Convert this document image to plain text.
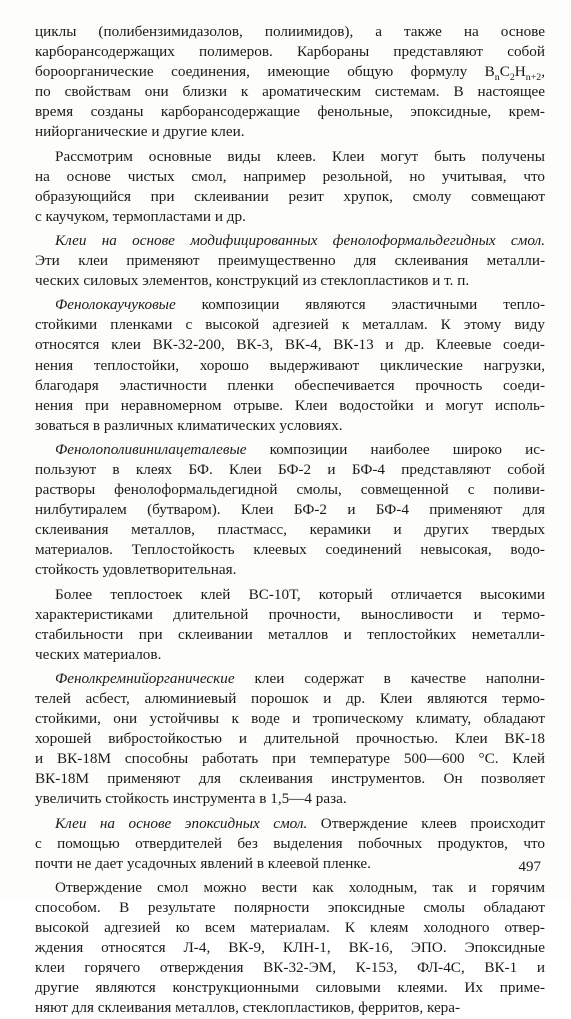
циклы (полибензимидазолов, полиимидов), а также на основе
карборансодержащих полимеров. Карбораны представляют собой
бороорганические соединения, имеющие общую формулу $B_nC_2H_{n+2}$,
по свойствам они близки к ароматическим системам. В настоящее
время созданы карборансодержащие фенольные, эпоксидные, крем-
нийорганические и другие клеи.
Рассмотрим основные виды клеев. Клеи могут быть получены
на основе чистых смол, например резольной, но учитывая, что
образующийся при склеивании резит хрупок, смолу совмещают
с каучуком, термопластами и др.
Клеи на основе модифицированных фенолоформальдегидных смол.
Эти клеи применяют преимущественно для склеивания металли-
ческих силовых элементов, конструкций из стеклопластиков и т. п.
Фенолокаучуковые композиции являются эластичными тепло-
стойкими пленками с высокой адгезией к металлам. К этому виду
относятся клеи ВК-32-200, ВК-3, ВК-4, ВК-13 и др. Клеевые соеди-
нения теплостойки, хорошо выдерживают циклические нагрузки,
благодаря эластичности пленки обеспечивается прочность соеди-
нения при неравномерном отрыве. Клеи водостойки и могут исполь-
зоваться в различных климатических условиях.
Фенолополивинилацеталевые композиции наиболее широко ис-
пользуют в клеях БФ. Клеи БФ-2 и БФ-4 представляют собой
растворы фенолоформальдегидной смолы, совмещенной с поливи-
нилбутиралем (бутваром). Клеи БФ-2 и БФ-4 применяют для
склеивания металлов, пластмасс, керамики и других твердых
материалов. Теплостойкость клеевых соединений невысокая, водо-
стойкость удовлетворительная.
Более теплостоек клей ВС-10Т, который отличается высокими
характеристиками длительной прочности, выносливости и термо-
стабильности при склеивании металлов и теплостойких неметалли-
ческих материалов.
Фенолкремнийорганические клеи содержат в качестве наполни-
телей асбест, алюминиевый порошок и др. Клеи являются термо-
стойкими, они устойчивы к воде и тропическому климату, обладают
хорошей вибростойкостью и длительной прочностью. Клеи ВК-18
и ВК-18М способны работать при температуре 500—600 °С. Клей
ВК-18М применяют для склеивания инструментов. Он позволяет
увеличить стойкость инструмента в 1,5—4 раза.
Клеи на основе эпоксидных смол. Отверждение клеев происходит
с помощью отвердителей без выделения побочных продуктов, что
почти не дает усадочных явлений в клеевой пленке.
Отверждение смол можно вести как холодным, так и горячим
способом. В результате полярности эпоксидные смолы обладают
высокой адгезией ко всем материалам. К клеям холодного отвер-
ждения относятся Л-4, ВК-9, КЛН-1, ВК-16, ЭПО. Эпоксидные
клеи горячего отверждения ВК-32-ЭМ, К-153, ФЛ-4С, ВК-1 и
другие являются конструкционными силовыми клеями. Их приме-
няют для склеивания металлов, стеклопластиков, ферритов, кера-
497
